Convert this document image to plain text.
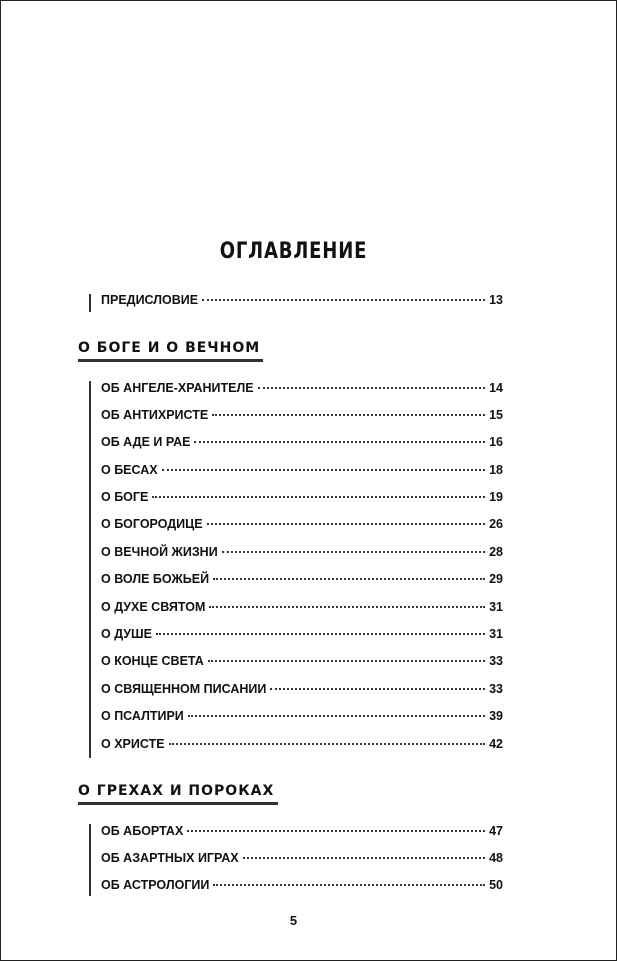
ОГЛАВЛЕНИЕ
ПРЕДИСЛОВИЕ	13
О БОГЕ И О ВЕЧНОМ
ОБ АНГЕЛЕ-ХРАНИТЕЛЕ	14
ОБ АНТИХРИСТЕ	15
ОБ АДЕ И РАЕ	16
О БЕСАХ	18
О БОГЕ	19
О БОГОРОДИЦЕ	26
О ВЕЧНОЙ ЖИЗНИ	28
О ВОЛЕ БОЖЬЕЙ	29
О ДУХЕ СВЯТОМ	31
О ДУШЕ	31
О КОНЦЕ СВЕТА	33
О СВЯЩЕННОМ ПИСАНИИ	33
О ПСАЛТИРИ	39
О ХРИСТЕ	42
О ГРЕХАХ И ПОРОКАХ
ОБ АБОРТАХ	47
ОБ АЗАРТНЫХ ИГРАХ	48
ОБ АСТРОЛОГИИ	50
5
